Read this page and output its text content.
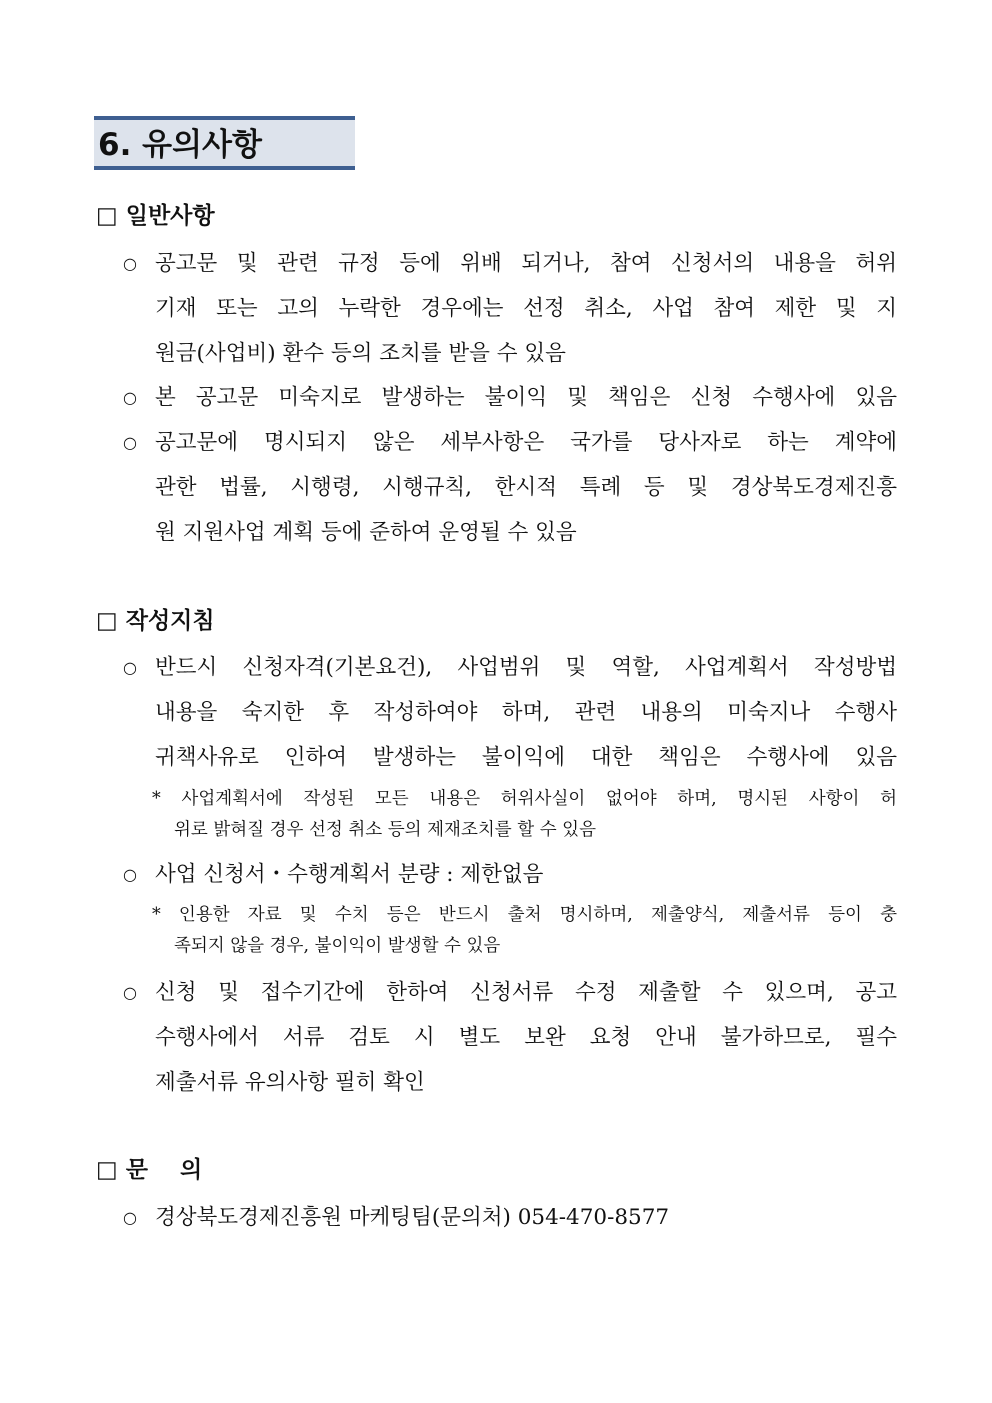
6. 유의사항
□ 일반사항
○ 공고문 및 관련 규정 등에 위배 되거나, 참여 신청서의 내용을 허위
기재 또는 고의 누락한 경우에는 선정 취소, 사업 참여 제한 및 지
원금(사업비) 환수 등의 조치를 받을 수 있음
○ 본 공고문 미숙지로 발생하는 불이익 및 책임은 신청 수행사에 있음
○ 공고문에 명시되지 않은 세부사항은 국가를 당사자로 하는 계약에
관한 법률, 시행령, 시행규칙, 한시적 특례 등 및 경상북도경제진흥
원 지원사업 계획 등에 준하여 운영될 수 있음
□ 작성지침
○ 반드시 신청자격(기본요건), 사업범위 및 역할, 사업계획서 작성방법
내용을 숙지한 후 작성하여야 하며, 관련 내용의 미숙지나 수행사
귀책사유로 인하여 발생하는 불이익에 대한 책임은 수행사에 있음
* 사업계획서에 작성된 모든 내용은 허위사실이 없어야 하며, 명시된 사항이 허
위로 밝혀질 경우 선정 취소 등의 제재조치를 할 수 있음
○ 사업 신청서・수행계획서 분량 : 제한없음
* 인용한 자료 및 수치 등은 반드시 출처 명시하며, 제출양식, 제출서류 등이 충
족되지 않을 경우, 불이익이 발생할 수 있음
○ 신청 및 접수기간에 한하여 신청서류 수정 제출할 수 있으며, 공고
수행사에서 서류 검토 시 별도 보완 요청 안내 불가하므로, 필수
제출서류 유의사항 필히 확인
□ 문    의
○ 경상북도경제진흥원 마케팅팀(문의처) 054-470-8577
